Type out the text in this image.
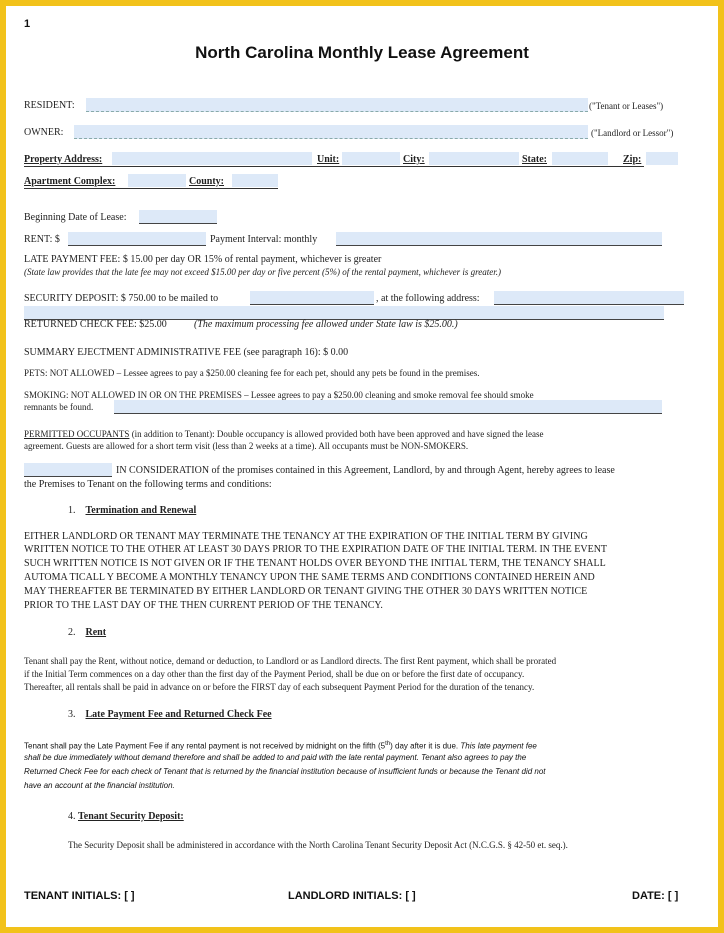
1
North Carolina Monthly Lease Agreement
RESIDENT:	("Tenant or Leases")
OWNER:	("Landlord or Lessor")
Property Address:	Unit:	City:	State:	Zip:
Apartment Complex:	County:
Beginning Date of Lease:
RENT: $	Payment Interval: monthly
LATE PAYMENT FEE: $ 15.00 per day OR 15% of rental payment, whichever is greater
(State law provides that the late fee may not exceed $15.00 per day or five percent (5%) of the rental payment, whichever is greater.)
SECURITY DEPOSIT: $ 750.00 to be mailed to	, at the following address:
RETURNED CHECK FEE: $25.00	(The maximum processing fee allowed under State law is $25.00.)
SUMMARY EJECTMENT ADMINISTRATIVE FEE (see paragraph 16): $ 0.00
PETS: NOT ALLOWED – Lessee agrees to pay a $250.00 cleaning fee for each pet, should any pets be found in the premises.
SMOKING: NOT ALLOWED IN OR ON THE PREMISES – Lessee agrees to pay a $250.00 cleaning and smoke removal fee should smoke
remnants be found.
PERMITTED OCCUPANTS (in addition to Tenant): Double occupancy is allowed provided both have been approved and have signed the lease
agreement. Guests are allowed for a short term visit (less than 2 weeks at a time). All occupants must be NON-SMOKERS.
IN CONSIDERATION of the promises contained in this Agreement, Landlord, by and through Agent, hereby agrees to lease
the Premises to Tenant on the following terms and conditions:
1. Termination and Renewal
EITHER LANDLORD OR TENANT MAY TERMINATE THE TENANCY AT THE EXPIRATION OF THE INITIAL TERM BY GIVING
WRITTEN NOTICE TO THE OTHER AT LEAST 30 DAYS PRIOR TO THE EXPIRATION DATE OF THE INITIAL TERM. IN THE EVENT
SUCH WRITTEN NOTICE IS NOT GIVEN OR IF THE TENANT HOLDS OVER BEYOND THE INITIAL TERM, THE TENANCY SHALL
AUTOMA TICALL Y BECOME A MONTHLY TENANCY UPON THE SAME TERMS AND CONDITIONS CONTAINED HEREIN AND
MAY THEREAFTER BE TERMINATED BY EITHER LANDLORD OR TENANT GIVING THE OTHER 30 DAYS WRITTEN NOTICE
PRIOR TO THE LAST DAY OF THE THEN CURRENT PERIOD OF THE TENANCY.
2. Rent
Tenant shall pay the Rent, without notice, demand or deduction, to Landlord or as Landlord directs. The first Rent payment, which shall be prorated
if the Initial Term commences on a day other than the first day of the Payment Period, shall be due on or before the first date of occupancy.
Thereafter, all rentals shall be paid in advance on or before the FIRST day of each subsequent Payment Period for the duration of the tenancy.
3. Late Payment Fee and Returned Check Fee
Tenant shall pay the Late Payment Fee if any rental payment is not received by midnight on the fifth (5th) day after it is due. This late payment fee
shall be due immediately without demand therefore and shall be added to and paid with the late rental payment. Tenant also agrees to pay the
Returned Check Fee for each check of Tenant that is returned by the financial institution because of insufficient funds or because the Tenant did not
have an account at the financial institution.
4. Tenant Security Deposit:
The Security Deposit shall be administered in accordance with the North Carolina Tenant Security Deposit Act (N.C.G.S. § 42-50 et. seq.).
TENANT INITIALS: [ ]	LANDLORD INITIALS: [ ]	DATE: [ ]
